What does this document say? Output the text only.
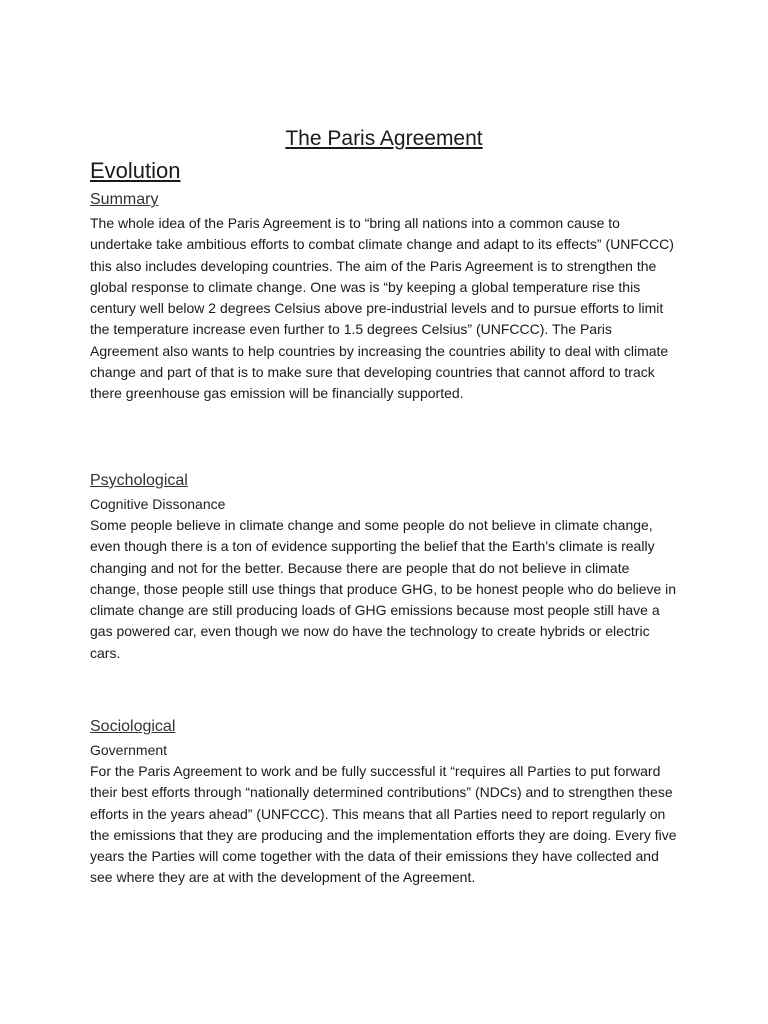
The Paris Agreement
Evolution
Summary

The whole idea of the Paris Agreement is to “bring all nations into a common cause to undertake take ambitious efforts to combat climate change and adapt to its effects” (UNFCCC) this also includes developing countries. The aim of the Paris Agreement is to strengthen the global response to climate change. One was is “by keeping a global temperature rise this century well below 2 degrees Celsius above pre-industrial levels and to pursue efforts to limit the temperature increase even further to 1.5 degrees Celsius” (UNFCCC). The Paris Agreement also wants to help countries by increasing the countries ability to deal with climate change and part of that is to make sure that developing countries that cannot afford to track there greenhouse gas emission will be financially supported.

Psychological
Cognitive Dissonance

Some people believe in climate change and some people do not believe in climate change, even though there is a ton of evidence supporting the belief that the Earth's climate is really changing and not for the better. Because there are people that do not believe in climate change, those people still use things that produce GHG, to be honest people who do believe in climate change are still producing loads of GHG emissions because most people still have a gas powered car, even though we now do have the technology to create hybrids or electric cars.

Sociological
Government

For the Paris Agreement to work and be fully successful it “requires all Parties to put forward their best efforts through “nationally determined contributions” (NDCs) and to strengthen these efforts in the years ahead” (UNFCCC). This means that all Parties need to report regularly on the emissions that they are producing and the implementation efforts they are doing. Every five years the Parties will come together with the data of their emissions they have collected and see where they are at with the development of the Agreement.
